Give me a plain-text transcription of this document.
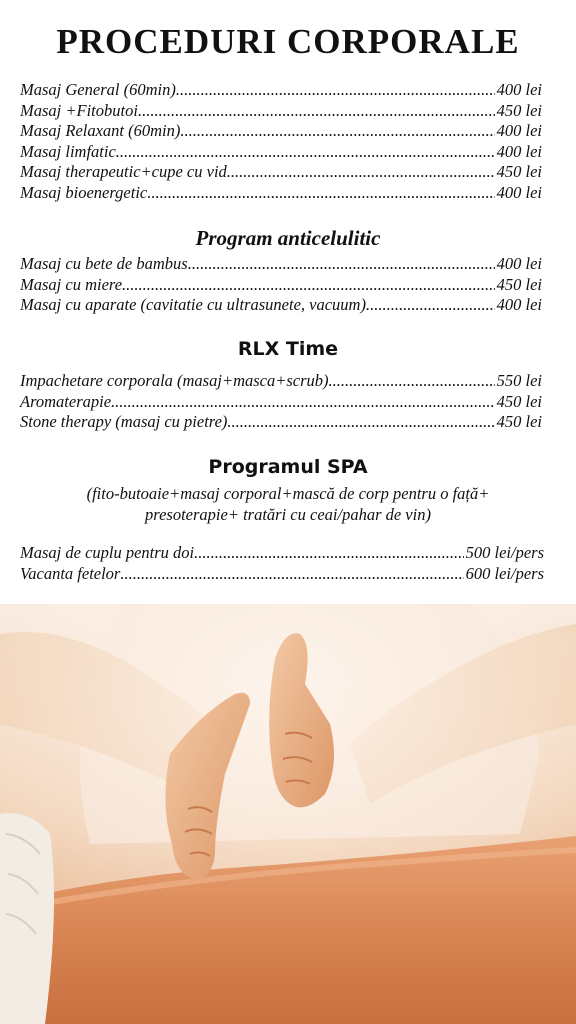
PROCEDURI CORPORALE
Masaj General (60min) .....	400 lei
Masaj +Fitobutoi .....	450 lei
Masaj Relaxant (60min) .....	400 lei
Masaj limfatic .....	400 lei
Masaj therapeutic+cupe cu vid .....	450 lei
Masaj bioenergetic .....	400 lei
Program anticelulitic
Masaj cu bete de bambus .....	400 lei
Masaj cu miere .....	450 lei
Masaj cu aparate (cavitatie cu ultrasunete, vacuum) .....	400 lei
RLX Time
Impachetare corporala (masaj+masca+scrub) .....	550 lei
Aromaterapie .....	450 lei
Stone therapy (masaj cu pietre) .....	450 lei
Programul SPA
(fito-butoaie+masaj corporal+mască de corp pentru o față+
presoterapie+ tratări cu ceai/pahar de vin)
Masaj de cuplu pentru doi .....	500 lei/pers
Vacanta fetelor .....	600 lei/pers
